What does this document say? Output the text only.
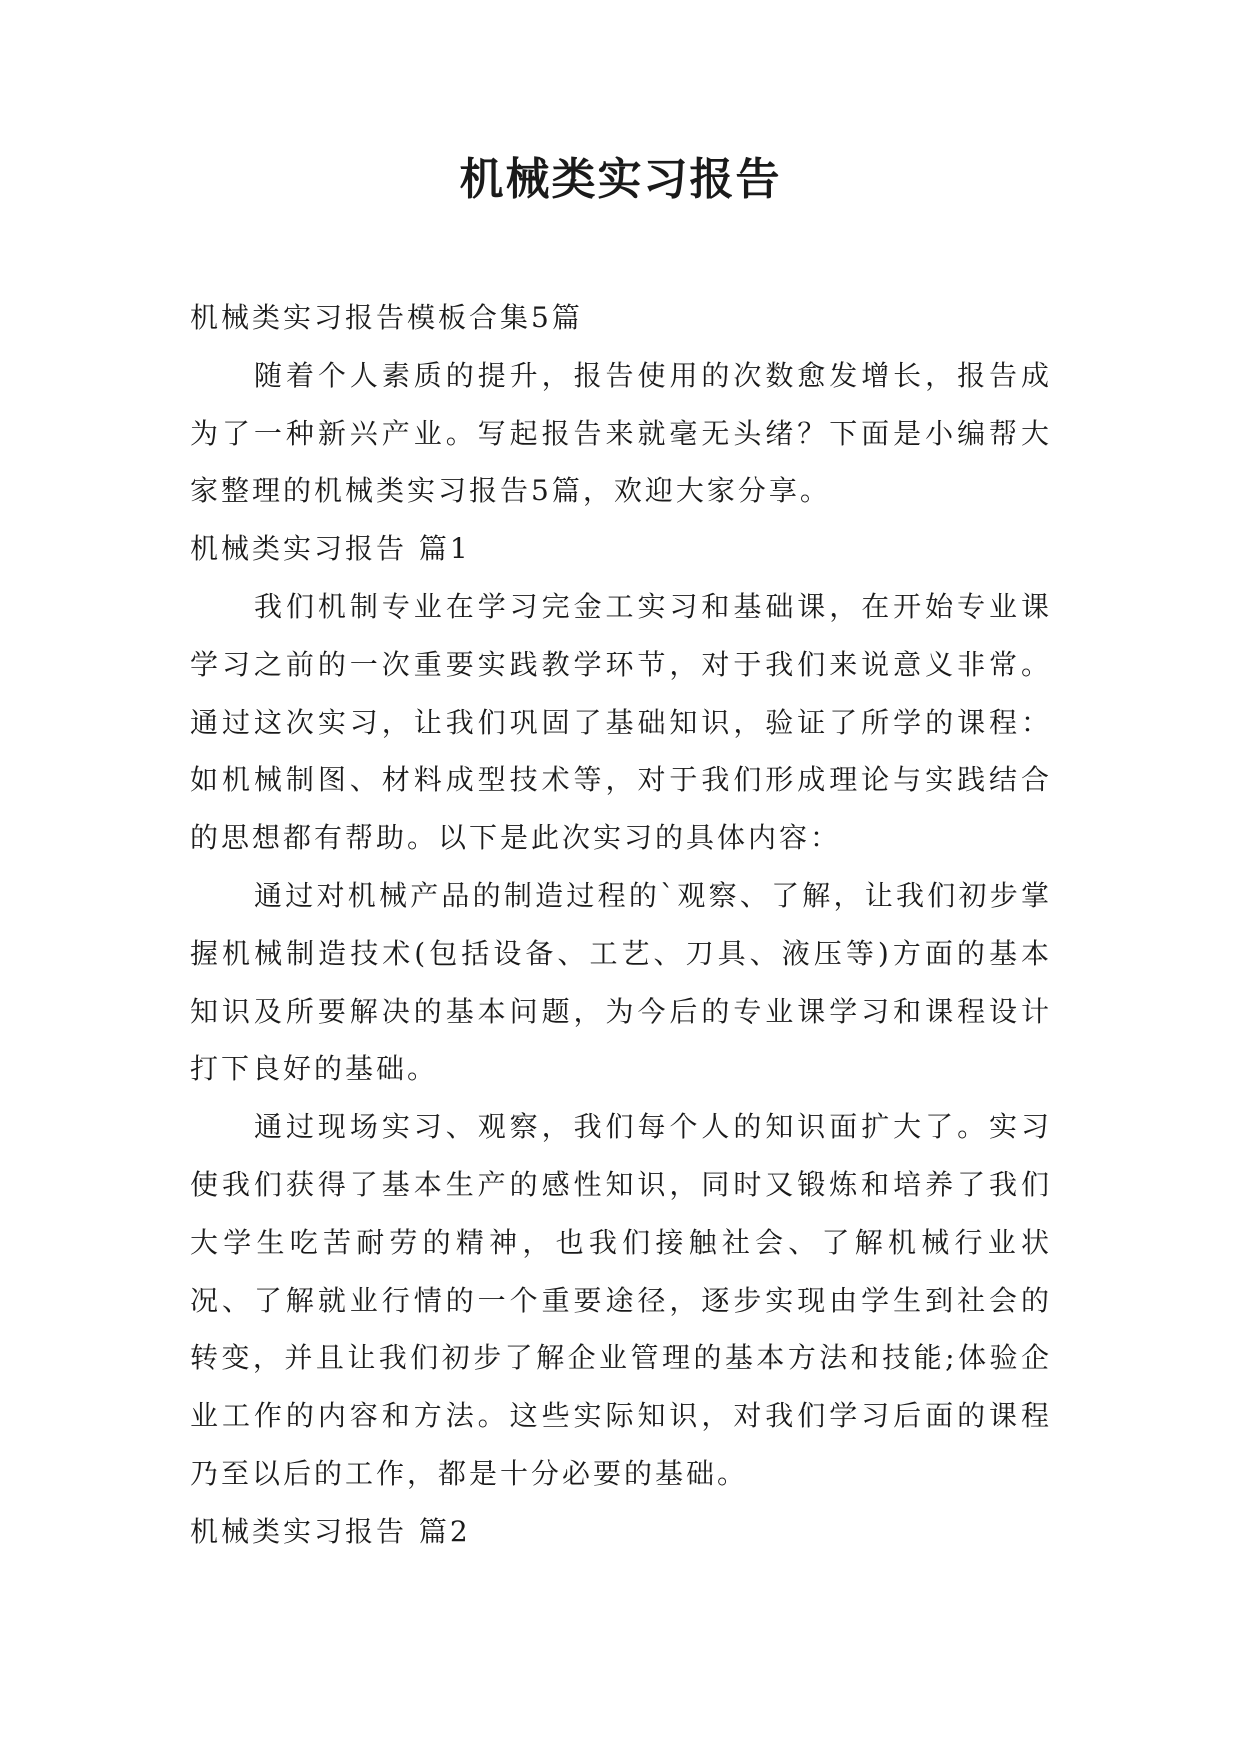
机械类实习报告

机械类实习报告模板合集5篇

随着个人素质的提升，报告使用的次数愈发增长，报告成为了一种新兴产业。写起报告来就毫无头绪？下面是小编帮大家整理的机械类实习报告5篇，欢迎大家分享。

机械类实习报告 篇1

我们机制专业在学习完金工实习和基础课，在开始专业课学习之前的一次重要实践教学环节，对于我们来说意义非常。通过这次实习，让我们巩固了基础知识，验证了所学的课程：如机械制图、材料成型技术等，对于我们形成理论与实践结合的思想都有帮助。以下是此次实习的具体内容：

通过对机械产品的制造过程的`观察、了解，让我们初步掌握机械制造技术(包括设备、工艺、刀具、液压等)方面的基本知识及所要解决的基本问题，为今后的专业课学习和课程设计打下良好的基础。

通过现场实习、观察，我们每个人的知识面扩大了。实习使我们获得了基本生产的感性知识，同时又锻炼和培养了我们大学生吃苦耐劳的精神，也我们接触社会、了解机械行业状况、了解就业行情的一个重要途径，逐步实现由学生到社会的转变，并且让我们初步了解企业管理的基本方法和技能;体验企业工作的内容和方法。这些实际知识，对我们学习后面的课程乃至以后的工作，都是十分必要的基础。

机械类实习报告 篇2
